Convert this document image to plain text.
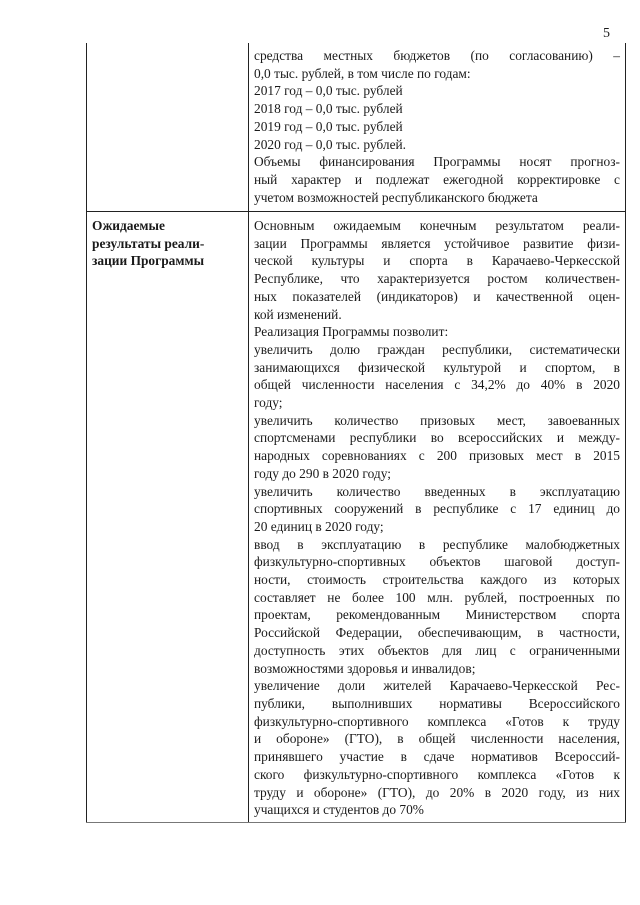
5
средства местных бюджетов (по согласованию) –
0,0 тыс. рублей, в том числе по годам:
2017 год – 0,0 тыс. рублей
2018 год – 0,0 тыс. рублей
2019 год – 0,0 тыс. рублей
2020 год – 0,0 тыс. рублей.
Объемы финансирования Программы носят прогноз-
ный характер и подлежат ежегодной корректировке с
учетом возможностей республиканского бюджета
Ожидаемые
результаты реали-
зации Программы
Основным ожидаемым конечным результатом реали-
зации Программы является устойчивое развитие физи-
ческой культуры и спорта в Карачаево-Черкесской
Республике, что характеризуется ростом количествен-
ных показателей (индикаторов) и качественной оцен-
кой изменений.
Реализация Программы позволит:
увеличить долю граждан республики, систематически
занимающихся физической культурой и спортом, в
общей численности населения с 34,2% до 40% в 2020
году;
увеличить количество призовых мест, завоеванных
спортсменами республики во всероссийских и между-
народных соревнованиях с 200 призовых мест в 2015
году до 290 в 2020 году;
увеличить количество введенных в эксплуатацию
спортивных сооружений в республике с 17 единиц до
20 единиц в 2020 году;
ввод в эксплуатацию в республике малобюджетных
физкультурно-спортивных объектов шаговой доступ-
ности, стоимость строительства каждого из которых
составляет не более 100 млн. рублей, построенных по
проектам, рекомендованным Министерством спорта
Российской Федерации, обеспечивающим, в частности,
доступность этих объектов для лиц с ограниченными
возможностями здоровья и инвалидов;
увеличение доли жителей Карачаево-Черкесской Рес-
публики, выполнивших нормативы Всероссийского
физкультурно-спортивного комплекса «Готов к труду
и обороне» (ГТО), в общей численности населения,
принявшего участие в сдаче нормативов Всероссий-
ского физкультурно-спортивного комплекса «Готов к
труду и обороне» (ГТО), до 20% в 2020 году, из них
учащихся и студентов до 70%
